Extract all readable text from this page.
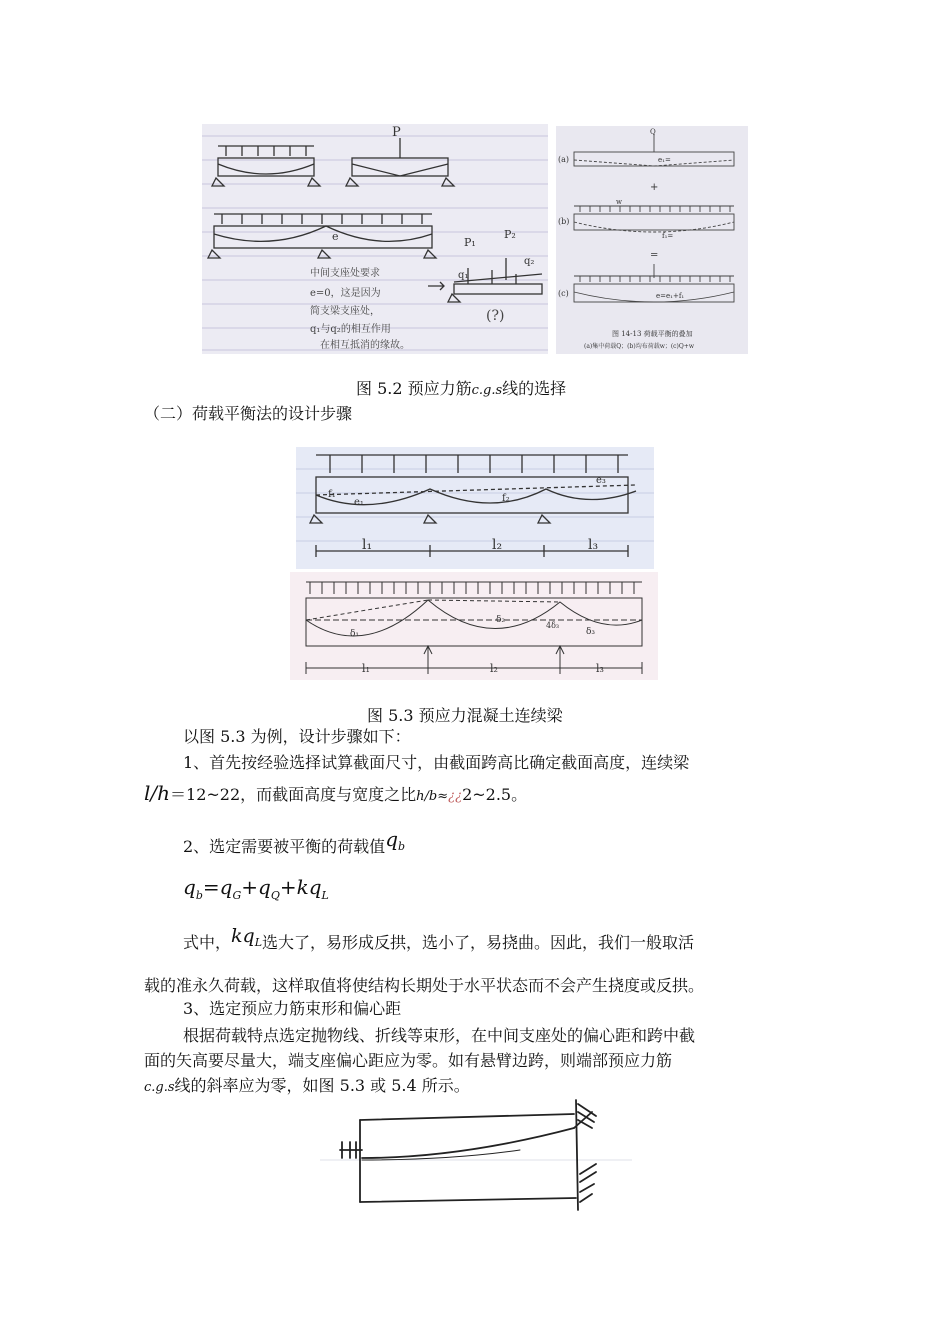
P
e	P₁
P₂
q₁
q₂
中间支座处要求
e=0，这是因为
简支梁支座处，
q₁与q₂的相互作用
在相互抵消的缘故。
(?)
(a)
Q
e₁=
+
w
(b)
f₁=
=
(c)	e=e₁+f₁
图 14-13 荷载平衡的叠加
(a)集中荷载Q；(b)均布荷载w；(c)Q+w
图 5.2 预应力筋c.g.s线的选择
（二）荷载平衡法的设计步骤
f₁
e₁	f₂
e₃
l₁	l₂	l₃
δ₁
δ₂
4δ₃
δ₃
l₁	l₂	l₃
图 5.3 预应力混凝土连续梁
以图 5.3 为例，设计步骤如下：
1、首先按经验选择试算截面尺寸，由截面跨高比确定截面高度，连续梁
l/h＝12~22，而截面高度与宽度之比h/b≈¿¿2~2.5。
2、选定需要被平衡的荷载值$q_b$
$q_b=q_G+q_Q+kq_L$
式中，$kq_L$选大了，易形成反拱，选小了，易挠曲。因此，我们一般取活
载的准永久荷载，这样取值将使结构长期处于水平状态而不会产生挠度或反拱。
3、选定预应力筋束形和偏心距
根据荷载特点选定抛物线、折线等束形，在中间支座处的偏心距和跨中截
面的矢高要尽量大，端支座偏心距应为零。如有悬臂边跨，则端部预应力筋
c.g.s线的斜率应为零，如图 5.3 或 5.4 所示。
